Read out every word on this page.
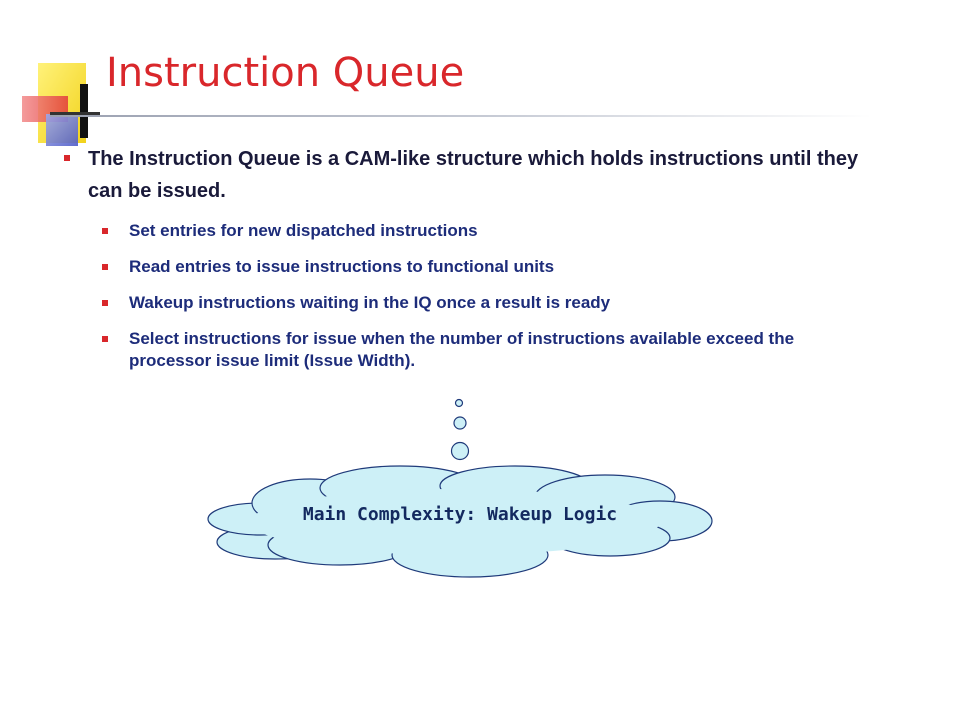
Instruction Queue
The Instruction Queue is a CAM-like structure which holds instructions until they can be issued.
Set entries for new dispatched instructions
Read entries to issue instructions to functional units
Wakeup instructions waiting in the IQ once a result is ready
Select instructions for issue when the number of instructions available exceed the processor issue limit (Issue Width).
Main Complexity: Wakeup Logic
